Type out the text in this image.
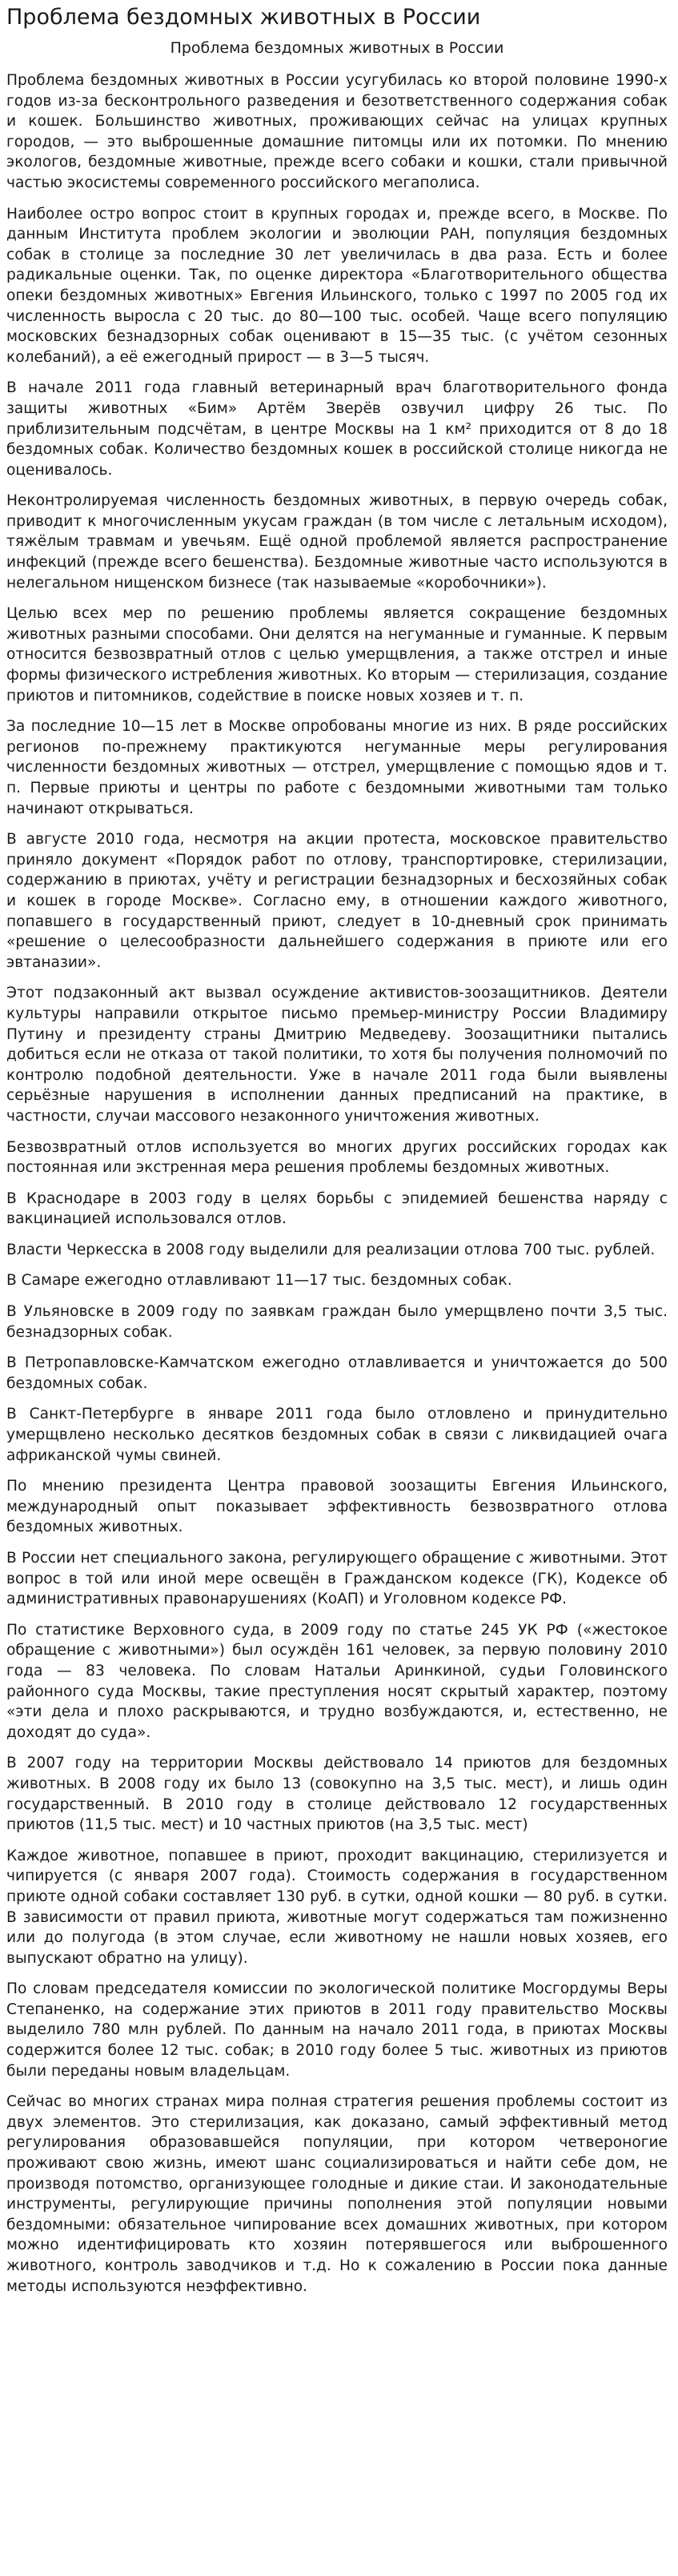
Проблема бездомных животных в России
Проблема бездомных животных в России

Проблема бездомных животных в России усугубилась ко второй половине 1990-х годов из-за бесконтрольного разведения и безответственного содержания собак и кошек. Большинство животных, проживающих сейчас на улицах крупных городов, — это выброшенные домашние питомцы или их потомки. По мнению экологов, бездомные животные, прежде всего собаки и кошки, стали привычной частью экосистемы современного российского мегаполиса.

Наиболее остро вопрос стоит в крупных городах и, прежде всего, в Москве. По данным Института проблем экологии и эволюции РАН, популяция бездомных собак в столице за последние 30 лет увеличилась в два раза. Есть и более радикальные оценки. Так, по оценке директора «Благотворительного общества опеки бездомных животных» Евгения Ильинского, только с 1997 по 2005 год их численность выросла с 20 тыс. до 80—100 тыс. особей. Чаще всего популяцию московских безнадзорных собак оценивают в 15—35 тыс. (с учётом сезонных колебаний), а её ежегодный прирост — в 3—5 тысяч.

В начале 2011 года главный ветеринарный врач благотворительного фонда защиты животных «Бим» Артём Зверёв озвучил цифру 26 тыс. По приблизительным подсчётам, в центре Москвы на 1 км² приходится от 8 до 18 бездомных собак. Количество бездомных кошек в российской столице никогда не оценивалось.

Неконтролируемая численность бездомных животных, в первую очередь собак, приводит к многочисленным укусам граждан (в том числе с летальным исходом), тяжёлым травмам и увечьям. Ещё одной проблемой является распространение инфекций (прежде всего бешенства). Бездомные животные часто используются в нелегальном нищенском бизнесе (так называемые «коробочники»).

Целью всех мер по решению проблемы является сокращение бездомных животных разными способами. Они делятся на негуманные и гуманные. К первым относится безвозвратный отлов с целью умерщвления, а также отстрел и иные формы физического истребления животных. Ко вторым — стерилизация, создание приютов и питомников, содействие в поиске новых хозяев и т. п.

За последние 10—15 лет в Москве опробованы многие из них. В ряде российских регионов по-прежнему практикуются негуманные меры регулирования численности бездомных животных — отстрел, умерщвление с помощью ядов и т. п. Первые приюты и центры по работе с бездомными животными там только начинают открываться.

В августе 2010 года, несмотря на акции протеста, московское правительство приняло документ «Порядок работ по отлову, транспортировке, стерилизации, содержанию в приютах, учёту и регистрации безнадзорных и бесхозяйных собак и кошек в городе Москве». Согласно ему, в отношении каждого животного, попавшего в государственный приют, следует в 10-дневный срок принимать «решение о целесообразности дальнейшего содержания в приюте или его эвтаназии».

Этот подзаконный акт вызвал осуждение активистов-зоозащитников. Деятели культуры направили открытое письмо премьер-министру России Владимиру Путину и президенту страны Дмитрию Медведеву. Зоозащитники пытались добиться если не отказа от такой политики, то хотя бы получения полномочий по контролю подобной деятельности. Уже в начале 2011 года были выявлены серьёзные нарушения в исполнении данных предписаний на практике, в частности, случаи массового незаконного уничтожения животных.

Безвозвратный отлов используется во многих других российских городах как постоянная или экстренная мера решения проблемы бездомных животных.

В Краснодаре в 2003 году в целях борьбы с эпидемией бешенства наряду с вакцинацией использовался отлов.

Власти Черкесска в 2008 году выделили для реализации отлова 700 тыс. рублей.

В Самаре ежегодно отлавливают 11—17 тыс. бездомных собак.

В Ульяновске в 2009 году по заявкам граждан было умерщвлено почти 3,5 тыс. безнадзорных собак.

В Петропавловске-Камчатском ежегодно отлавливается и уничтожается до 500 бездомных собак.

В Санкт-Петербурге в январе 2011 года было отловлено и принудительно умерщвлено несколько десятков бездомных собак в связи с ликвидацией очага африканской чумы свиней.

По мнению президента Центра правовой зоозащиты Евгения Ильинского, международный опыт показывает эффективность безвозвратного отлова бездомных животных.

В России нет специального закона, регулирующего обращение с животными. Этот вопрос в той или иной мере освещён в Гражданском кодексе (ГК), Кодексе об административных правонарушениях (КоАП) и Уголовном кодексе РФ.

По статистике Верховного суда, в 2009 году по статье 245 УК РФ («жестокое обращение с животными») был осуждён 161 человек, за первую половину 2010 года — 83 человека. По словам Натальи Аринкиной, судьи Головинского районного суда Москвы, такие преступления носят скрытый характер, поэтому «эти дела и плохо раскрываются, и трудно возбуждаются, и, естественно, не доходят до суда».

В 2007 году на территории Москвы действовало 14 приютов для бездомных животных. В 2008 году их было 13 (совокупно на 3,5 тыс. мест), и лишь один государственный. В 2010 году в столице действовало 12 государственных приютов (11,5 тыс. мест) и 10 частных приютов (на 3,5 тыс. мест)

Каждое животное, попавшее в приют, проходит вакцинацию, стерилизуется и чипируется (с января 2007 года). Стоимость содержания в государственном приюте одной собаки составляет 130 руб. в сутки, одной кошки — 80 руб. в сутки. В зависимости от правил приюта, животные могут содержаться там пожизненно или до полугода (в этом случае, если животному не нашли новых хозяев, его выпускают обратно на улицу).

По словам председателя комиссии по экологической политике Мосгордумы Веры Степаненко, на содержание этих приютов в 2011 году правительство Москвы выделило 780 млн рублей. По данным на начало 2011 года, в приютах Москвы содержится более 12 тыс. собак; в 2010 году более 5 тыс. животных из приютов были переданы новым владельцам.

Сейчас во многих странах мира полная стратегия решения проблемы состоит из двух элементов. Это стерилизация, как доказано, самый эффективный метод регулирования образовавшейся популяции, при котором четвероногие проживают свою жизнь, имеют шанс социализироваться и найти себе дом, не производя потомство, организующее голодные и дикие стаи. И законодательные инструменты, регулирующие причины пополнения этой популяции новыми бездомными: обязательное чипирование всех домашних животных, при котором можно идентифицировать кто хозяин потерявшегося или выброшенного животного, контроль заводчиков и т.д. Но к сожалению в России пока данные методы используются неэффективно.
